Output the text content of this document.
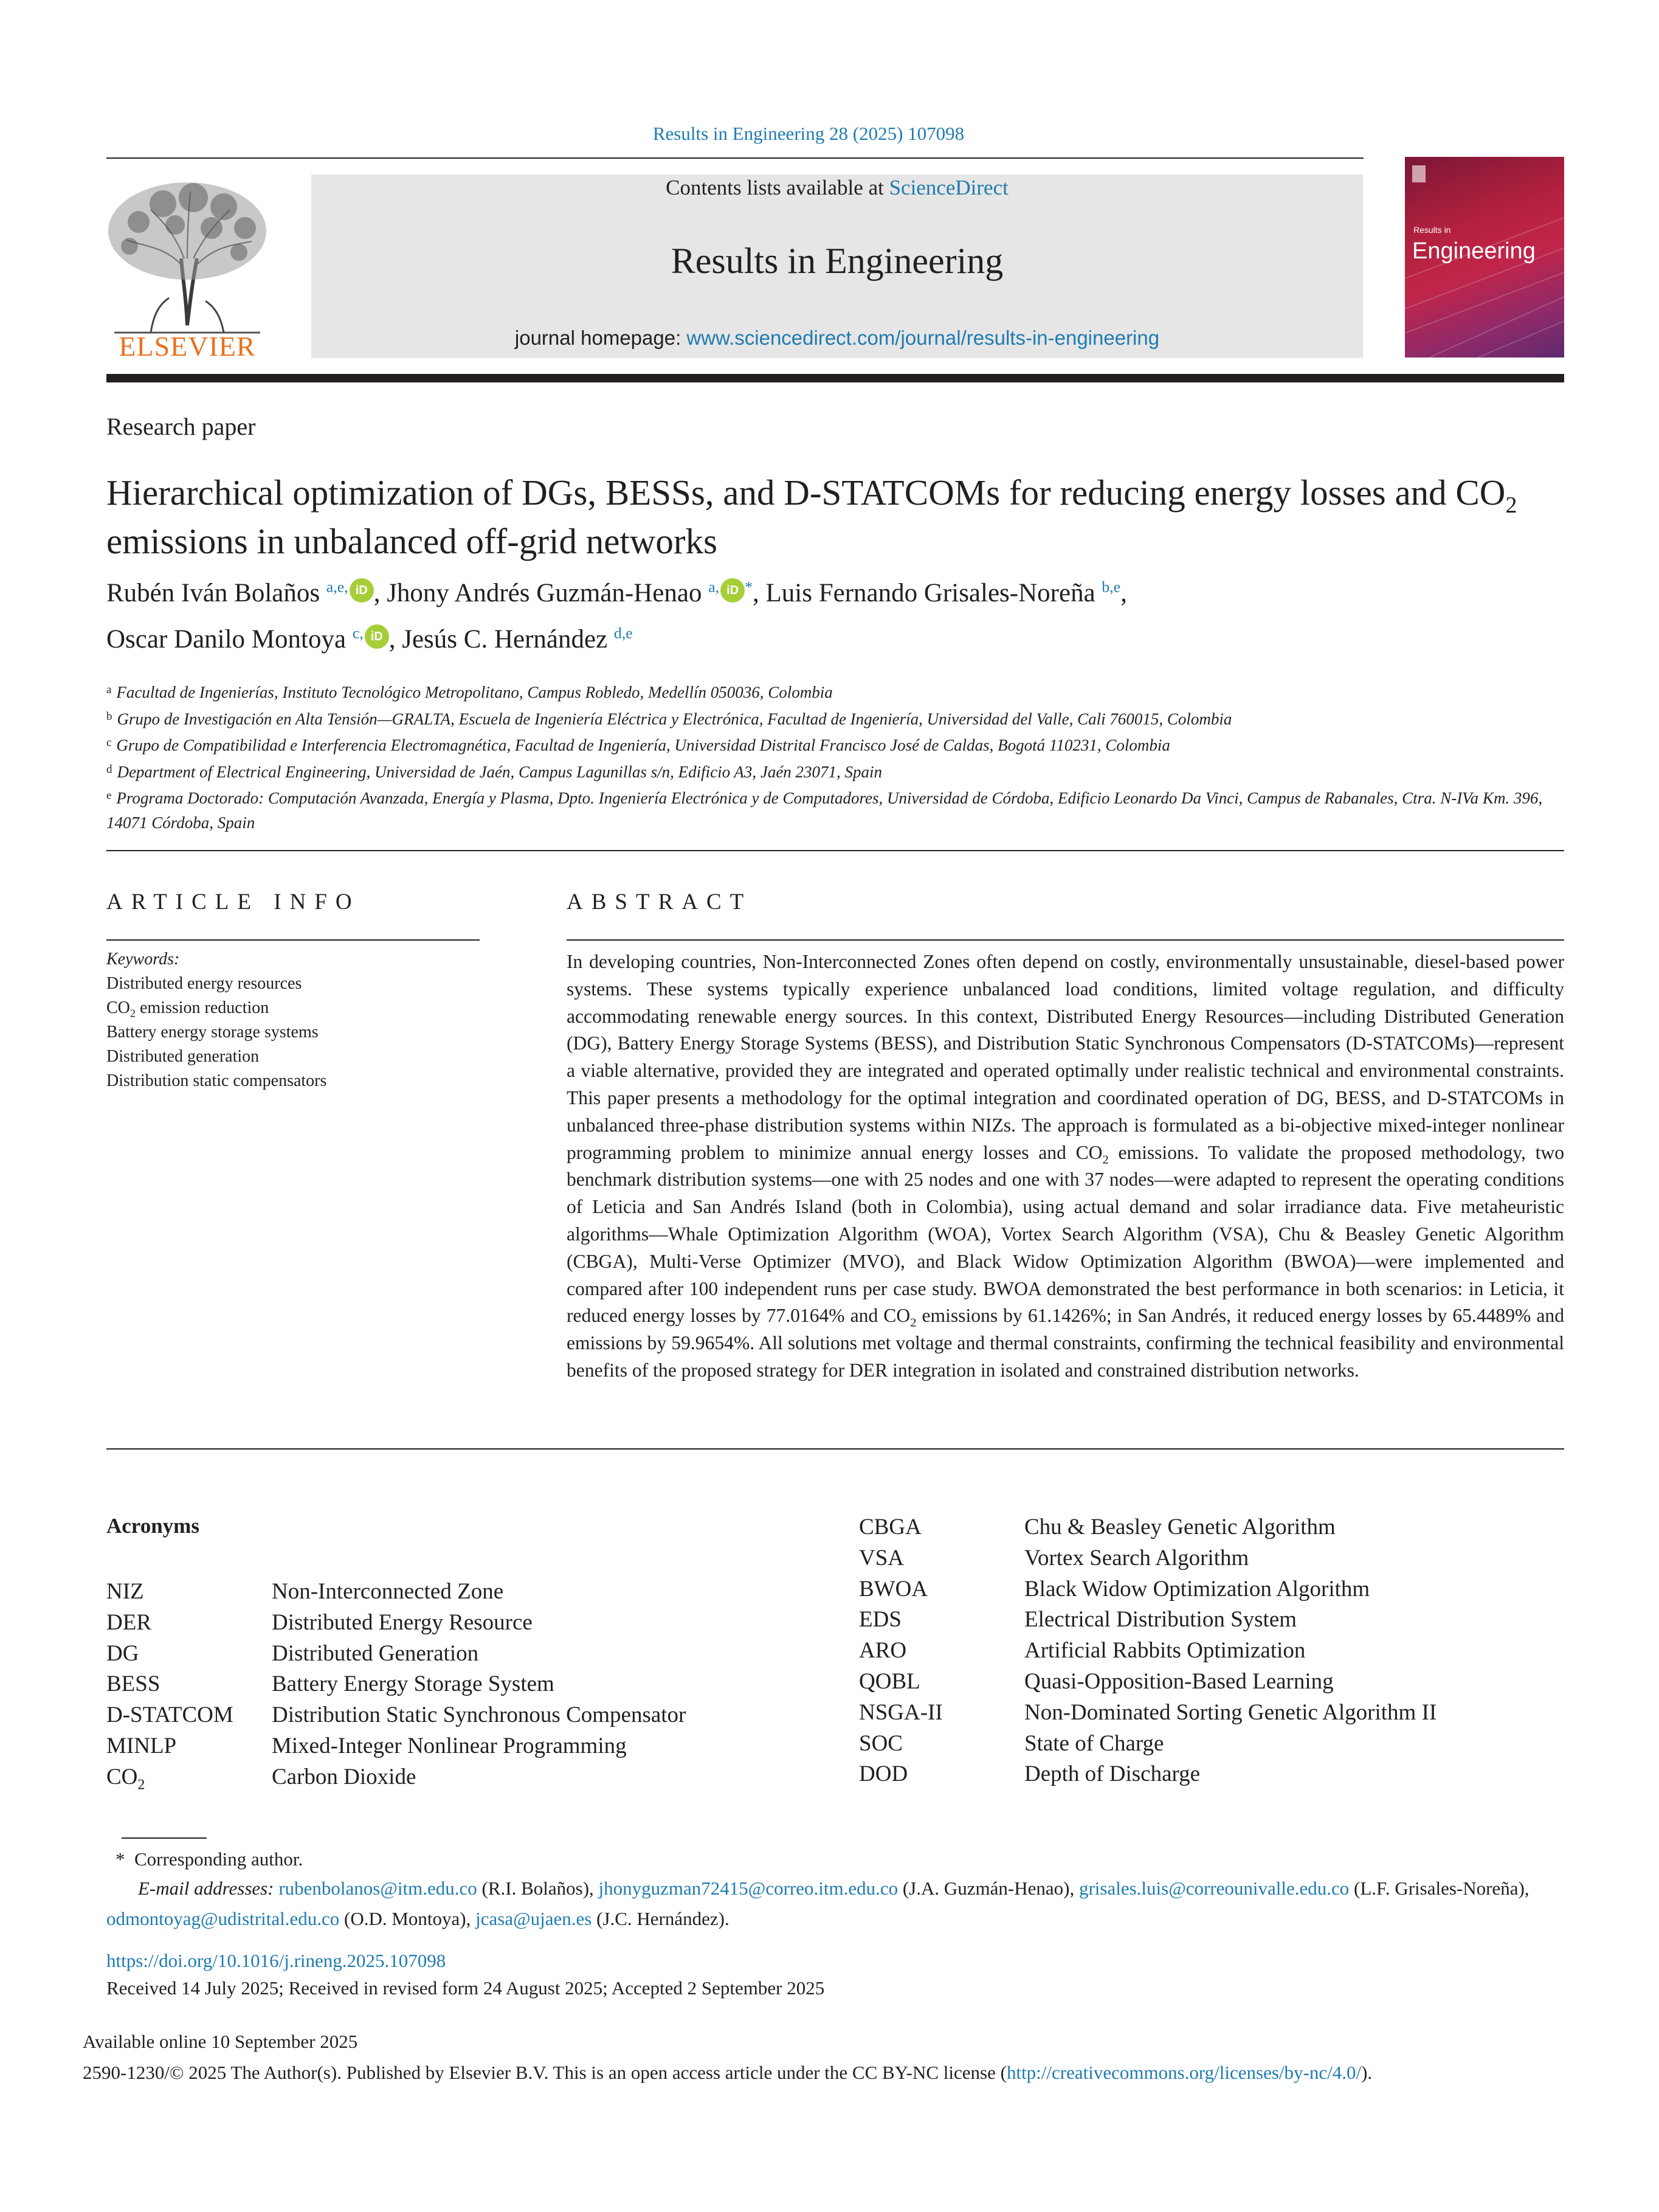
Results in Engineering 28 (2025) 107098
ELSEVIER
Contents lists available at ScienceDirect
Results in Engineering
journal homepage: www.sciencedirect.com/journal/results-in-engineering
Results in
Engineering
Research paper
Hierarchical optimization of DGs, BESSs, and D-STATCOMs for reducing energy losses and $CO_2$ emissions in unbalanced off-grid networks
Rubén Iván Bolaños $^{a,e,}$ iD , Jhony Andrés Guzmán-Henao $^{a,}$ iD *, Luis Fernando Grisales-Noreña $^{b,e}$,
Oscar Danilo Montoya $^{c,}$ iD , Jesús C. Hernández $^{d,e}$
$^a$ Facultad de Ingenierías, Instituto Tecnológico Metropolitano, Campus Robledo, Medellín 050036, Colombia
$^b$ Grupo de Investigación en Alta Tensión—GRALTA, Escuela de Ingeniería Eléctrica y Electrónica, Facultad de Ingeniería, Universidad del Valle, Cali 760015, Colombia
$^c$ Grupo de Compatibilidad e Interferencia Electromagnética, Facultad de Ingeniería, Universidad Distrital Francisco José de Caldas, Bogotá 110231, Colombia
$^d$ Department of Electrical Engineering, Universidad de Jaén, Campus Lagunillas s/n, Edificio A3, Jaén 23071, Spain
$^e$ Programa Doctorado: Computación Avanzada, Energía y Plasma, Dpto. Ingeniería Electrónica y de Computadores, Universidad de Córdoba, Edificio Leonardo Da Vinci, Campus de Rabanales, Ctra. N-IVa Km. 396, 14071 Córdoba, Spain
ARTICLE INFO
Keywords:
Distributed energy resources
$CO_2$ emission reduction
Battery energy storage systems
Distributed generation
Distribution static compensators
ABSTRACT
In developing countries, Non-Interconnected Zones often depend on costly, environmentally unsustainable, diesel-based power systems. These systems typically experience unbalanced load conditions, limited voltage regulation, and difficulty accommodating renewable energy sources. In this context, Distributed Energy Resources—including Distributed Generation (DG), Battery Energy Storage Systems (BESS), and Distribution Static Synchronous Compensators (D-STATCOMs)—represent a viable alternative, provided they are integrated and operated optimally under realistic technical and environmental constraints. This paper presents a methodology for the optimal integration and coordinated operation of DG, BESS, and D-STATCOMs in unbalanced three-phase distribution systems within NIZs. The approach is formulated as a bi-objective mixed-integer nonlinear programming problem to minimize annual energy losses and $CO_2$ emissions. To validate the proposed methodology, two benchmark distribution systems—one with 25 nodes and one with 37 nodes—were adapted to represent the operating conditions of Leticia and San Andrés Island (both in Colombia), using actual demand and solar irradiance data. Five metaheuristic algorithms—Whale Optimization Algorithm (WOA), Vortex Search Algorithm (VSA), Chu & Beasley Genetic Algorithm (CBGA), Multi-Verse Optimizer (MVO), and Black Widow Optimization Algorithm (BWOA)—were implemented and compared after 100 independent runs per case study. BWOA demonstrated the best performance in both scenarios: in Leticia, it reduced energy losses by 77.0164% and $CO_2$ emissions by 61.1426%; in San Andrés, it reduced energy losses by 65.4489% and emissions by 59.9654%. All solutions met voltage and thermal constraints, confirming the technical feasibility and environmental benefits of the proposed strategy for DER integration in isolated and constrained distribution networks.
Acronyms
NIZ	Non-Interconnected Zone
DER	Distributed Energy Resource
DG	Distributed Generation
BESS	Battery Energy Storage System
D-STATCOM Distribution Static Synchronous Compensator
MINLP	Mixed-Integer Nonlinear Programming
$CO_2$	Carbon Dioxide
CBGA	Chu & Beasley Genetic Algorithm
VSA	Vortex Search Algorithm
BWOA	Black Widow Optimization Algorithm
EDS	Electrical Distribution System
ARO	Artificial Rabbits Optimization
QOBL	Quasi-Opposition-Based Learning
NSGA-II	Non-Dominated Sorting Genetic Algorithm II
SOC	State of Charge
DOD	Depth of Discharge
* Corresponding author.
E-mail addresses: rubenbolanos@itm.edu.co (R.I. Bolaños), jhonyguzman72415@correo.itm.edu.co (J.A. Guzmán-Henao), grisales.luis@correounivalle.edu.co (L.F. Grisales-Noreña), odmontoyag@udistrital.edu.co (O.D. Montoya), jcasa@ujaen.es (J.C. Hernández).
https://doi.org/10.1016/j.rineng.2025.107098
Received 14 July 2025; Received in revised form 24 August 2025; Accepted 2 September 2025
Available online 10 September 2025
2590-1230/© 2025 The Author(s). Published by Elsevier B.V. This is an open access article under the CC BY-NC license (http://creativecommons.org/licenses/by-nc/4.0/).
